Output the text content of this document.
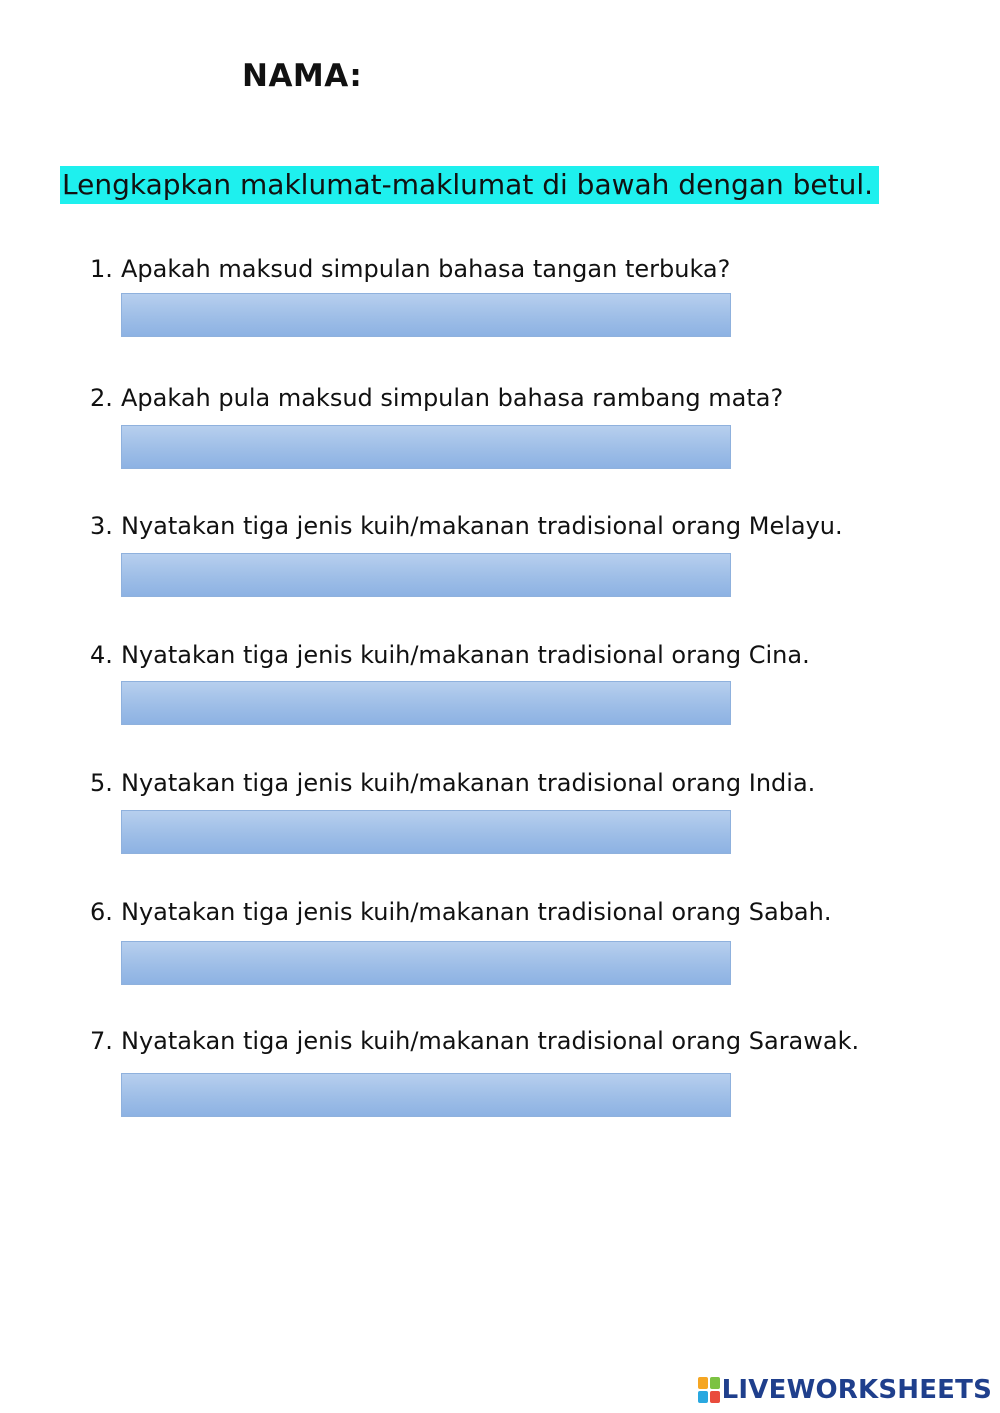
NAMA:
Lengkapkan maklumat-maklumat di bawah dengan betul.
1. Apakah maksud simpulan bahasa tangan terbuka?
2. Apakah pula maksud simpulan bahasa rambang mata?
3. Nyatakan tiga jenis kuih/makanan tradisional orang Melayu.
4. Nyatakan tiga jenis kuih/makanan tradisional orang Cina.
5. Nyatakan tiga jenis kuih/makanan tradisional orang India.
6. Nyatakan tiga jenis kuih/makanan tradisional orang Sabah.
7. Nyatakan tiga jenis kuih/makanan tradisional orang Sarawak.
LIVEWORKSHEETS
